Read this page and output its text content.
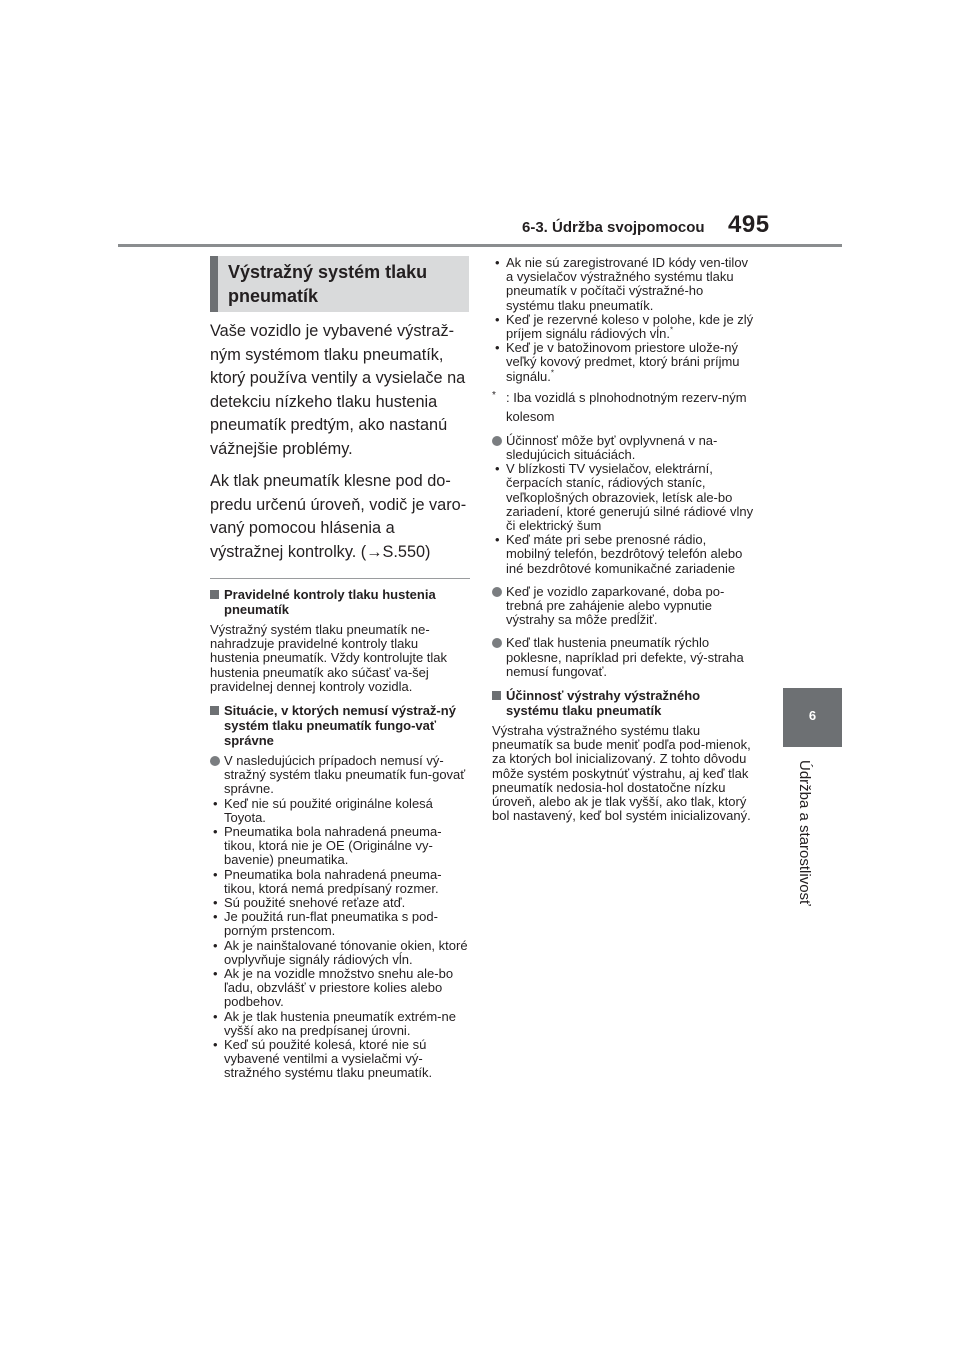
6-3. Údržba svojpomocou 495
6
Údržba a starostlivosť
Výstražný systém tlaku
pneumatík

Vaše vozidlo je vybavené výstraž-ným systémom tlaku pneumatík, ktorý používa ventily a vysielače na detekciu nízkeho tlaku hustenia pneumatík predtým, ako nastanú vážnejšie problémy.

Ak tlak pneumatík klesne pod do-predu určenú úroveň, vodič je varo-vaný pomocou hlásenia a výstražnej kontrolky. (→S.550)

Pravidelné kontroly tlaku hustenia pneumatík

Výstražný systém tlaku pneumatík ne-nahradzuje pravidelné kontroly tlaku hustenia pneumatík. Vždy kontrolujte tlak hustenia pneumatík ako súčasť va-šej pravidelnej dennej kontroly vozidla.

Situácie, v ktorých nemusí výstraž-ný systém tlaku pneumatík fungo-vať správne
V nasledujúcich prípadoch nemusí vý-stražný systém tlaku pneumatík fun-govať správne.
• Keď nie sú použité originálne kolesá Toyota.
• Pneumatika bola nahradená pneuma-tikou, ktorá nie je OE (Originálne vy-bavenie) pneumatika.
• Pneumatika bola nahradená pneuma-tikou, ktorá nemá predpísaný rozmer.
• Sú použité snehové reťaze atď.
• Je použitá run-flat pneumatika s pod-porným prstencom.
• Ak je nainštalované tónovanie okien, ktoré ovplyvňuje signály rádiových vĺn.
• Ak je na vozidle množstvo snehu ale-bo ľadu, obzvlášť v priestore kolies alebo podbehov.
• Ak je tlak hustenia pneumatík extrém-ne vyšší ako na predpísanej úrovni.
• Keď sú použité kolesá, ktoré nie sú vybavené ventilmi a vysielačmi vý-stražného systému tlaku pneumatík.
• Ak nie sú zaregistrované ID kódy ven-tilov a vysielačov výstražného systému tlaku pneumatík v počítači výstražné-ho systému tlaku pneumatík.
• Keď je rezervné koleso v polohe, kde je zlý príjem signálu rádiových vĺn.*
• Keď je v batožinovom priestore ulože-ný veľký kovový predmet, ktorý bráni príjmu signálu.*
* : Iba vozidlá s plnohodnotným rezerv-ným kolesom
Účinnosť môže byť ovplyvnená v na-sledujúcich situáciách.
• V blízkosti TV vysielačov, elektrární, čerpacích staníc, rádiových staníc, veľkoplošných obrazoviek, letísk ale-bo zariadení, ktoré generujú silné rádiové vlny či elektrický šum
• Keď máte pri sebe prenosné rádio, mobilný telefón, bezdrôtový telefón alebo iné bezdrôtové komunikačné zariadenie
Keď je vozidlo zaparkované, doba po-trebná pre zahájenie alebo vypnutie výstrahy sa môže predĺžiť.
Keď tlak hustenia pneumatík rýchlo poklesne, napríklad pri defekte, vý-straha nemusí fungovať.
Účinnosť výstrahy výstražného systému tlaku pneumatík

Výstraha výstražného systému tlaku pneumatík sa bude meniť podľa pod-mienok, za ktorých bol inicializovaný. Z tohto dôvodu môže systém poskytnúť výstrahu, aj keď tlak pneumatík nedosia-hol dostatočne nízku úroveň, alebo ak je tlak vyšší, ako tlak, ktorý bol nastavený, keď bol systém inicializovaný.
